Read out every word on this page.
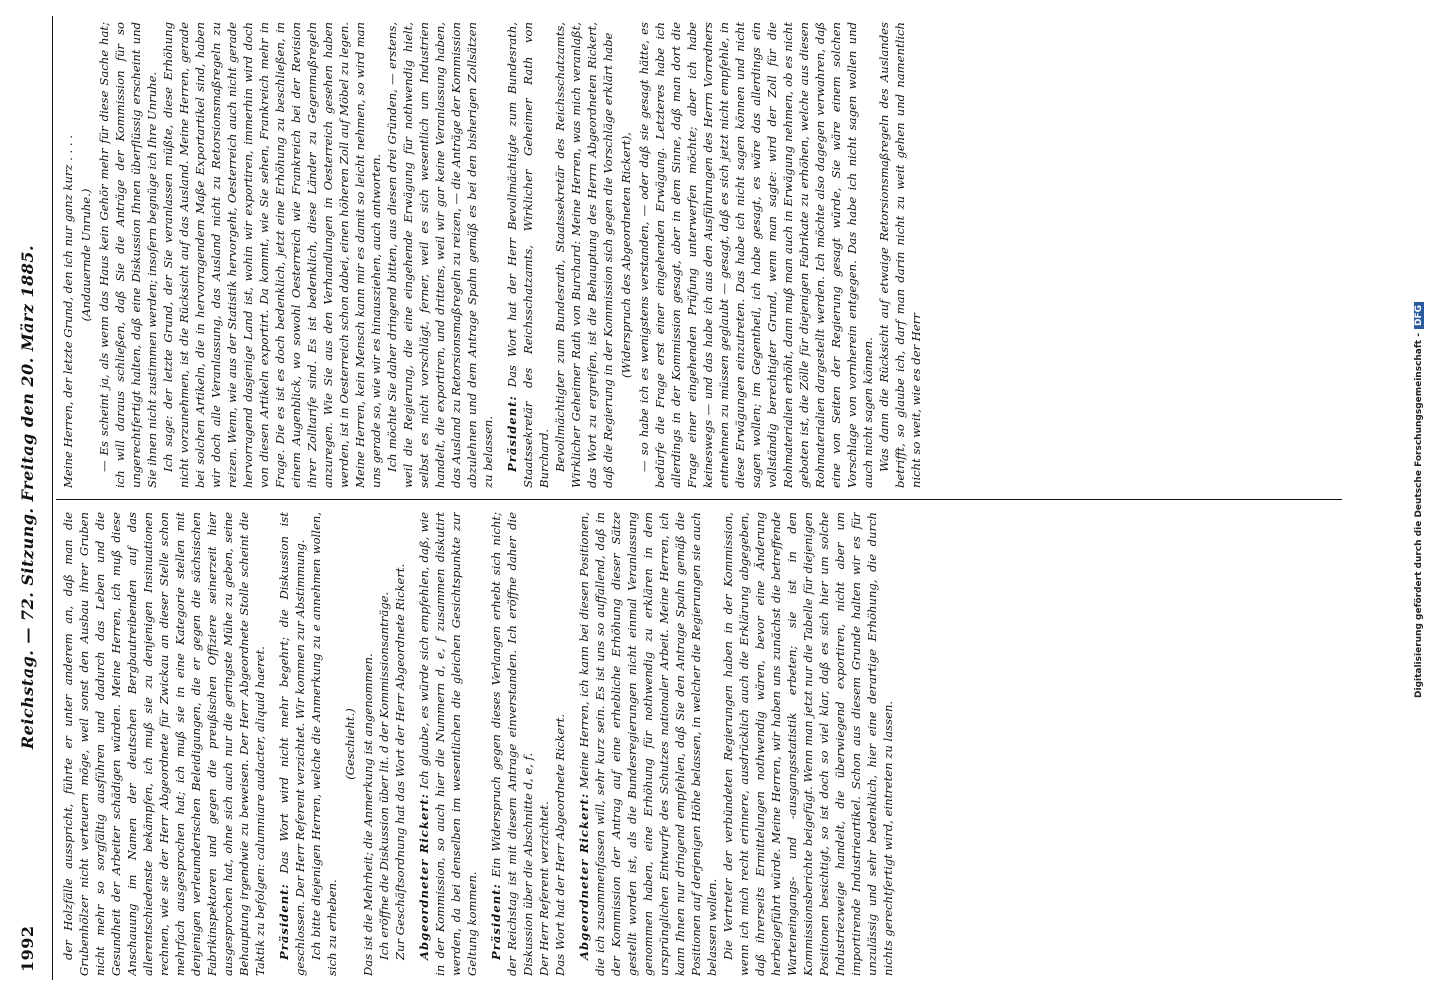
1992
Reichstag. — 72. Sitzung. Freitag den 20. März 1885. der Holzfälle ausspricht, führte er unter anderem an, daß man die Grubenhölzer nicht verteuern möge, weil sonst den Ausbau ihrer Gruben nicht mehr so sorgfältig ausführen und dadurch das Leben und die Gesundheit der Arbeiter schädigen würden. Meine Herren, ich muß diese Anschauung im Namen der deutschen Bergbautreibenden auf das allerentschiedenste bekämpfen, ich muß sie zu denjenigen Insinuationen rechnen, wie sie der Herr Abgeordnete für Zwickau an dieser Stelle schon mehrfach ausgesprochen hat; ich muß sie in eine Kategorie stellen mit denjenigen verleumderischen Beleidigungen, die er gegen die sächsischen Fabrikinspektoren und gegen die preußischen Offiziere seinerzeit hier ausgesprochen hat, ohne sich auch nur die geringste Mühe zu geben, seine Behauptung irgendwie zu beweisen. Der Herr Abgeordnete Stolle scheint die Taktik zu befolgen: calumniare audacter, aliquid haeret. Präsident: Das Wort wird nicht mehr begehrt; die Diskussion ist geschlossen. Der Herr Referent verzichtet. Wir kommen zur Abstimmung. Ich bitte diejenigen Herren, welche die Anmerkung zu e annehmen wollen, sich zu erheben.

(Geschieht.) Das ist die Mehrheit; die Anmerkung ist angenommen. Ich eröffne die Diskussion über lit. d der Kommissionsanträge. Zur Geschäftsordnung hat das Wort der Herr Abgeordnete Rickert. Abgeordneter Rickert: Ich glaube, es würde sich empfehlen, daß, wie in der Kommission, so auch hier die Nummern d, e, f zusammen diskutirt werden, da bei denselben im wesentlichen die gleichen Gesichtspunkte zur Geltung kommen. Präsident: Ein Widerspruch gegen dieses Verlangen erhebt sich nicht; der Reichstag ist mit diesem Antrage einverstanden. Ich eröffne daher die Diskussion über die Abschnitte d, e, f. Der Herr Referent verzichtet. Das Wort hat der Herr Abgeordnete Rickert. Abgeordneter Rickert: Meine Herren, ich kann bei diesen Positionen, die ich zusammenfassen will, sehr kurz sein. Es ist uns so auffallend, daß in der Kommission der Antrag auf eine erhebliche Erhöhung dieser Sätze gestellt worden ist, als die Bundesregierungen nicht einmal Veranlassung genommen haben, eine Erhöhung für nothwendig zu erklären in dem ursprünglichen Entwurfe des Schutzes nationaler Arbeit. Meine Herren, ich kann Ihnen nur dringend empfehlen, daß Sie den Antrage Spahn gemäß die Positionen auf derjenigen Höhe belassen, in welcher die Regierungen sie auch belassen wollen. Die Vertreter der verbündeten Regierungen haben in der Kommission, wenn ich mich recht erinnere, ausdrücklich auch die Erklärung abgegeben, daß ihrerseits Ermittelungen nothwendig wären, bevor eine Änderung herbeigeführt würde. Meine Herren, wir haben uns zunächst die betreffende Warteneingangs- und -ausgangsstatistik erbeten; sie ist in den Kommissionsberichte beigefügt. Wenn man jetzt nur die Tabelle für diejenigen Positionen besichtigt, so ist doch so viel klar, daß es sich hier um solche Industriezweige handelt, die überwiegend exportiren, nicht aber um importirende Industrieartikel. Schon aus diesem Grunde halten wir es für unzulässig und sehr bedenklich, hier eine derartige Erhöhung, die durch nichts gerechtfertigt wird, eintreten zu lassen.

Meine Herren, der letzte Grund, den ich nur ganz kurz . . . . (Andauernde Unruhe.) — Es scheint ja, als wenn das Haus kein Gehör mehr für diese Sache hat; ich will daraus schließen, daß Sie die Anträge der Kommission für so ungerechtfertigt halten, daß eine Diskussion Ihnen überflüssig erscheint und Sie ihnen nicht zustimmen werden; insofern begnüge ich Ihre Unruhe. Ich sage: der letzte Grund, der Sie veranlassen müßte, diese Erhöhung nicht vorzunehmen, ist die Rücksicht auf das Ausland. Meine Herren, gerade bei solchen Artikeln, die in hervorragendem Maße Exportartikel sind, haben wir doch alle Veranlassung, das Ausland nicht zu Retorsionsmaßregeln zu reizen. Wenn, wie aus der Statistik hervorgeht, Oesterreich auch nicht gerade hervorragend dasjenige Land ist, wohin wir exportiren, immerhin wird doch von diesen Artikeln exportirt. Da kommt, wie Sie sehen, Frankreich mehr in Frage. Die es ist es doch bedenklich, jetzt eine Erhöhung zu beschließen, in einem Augenblick, wo sowohl Oesterreich wie Frankreich bei der Revision ihrer Zolltarife sind. Es ist bedenklich, diese Länder zu Gegenmaßregeln anzuregen. Wie Sie aus den Verhandlungen in Oesterreich gesehen haben werden, ist in Oesterreich schon dabei, einen höheren Zoll auf Möbel zu legen. Meine Herren, kein Mensch kann mir es damit so leicht nehmen, so wird man uns gerade so, wie wir es hinausziehen, auch antworten. Ich möchte Sie daher dringend bitten, aus diesen drei Gründen, — erstens, weil die Regierung, die eine eingehende Erwägung für nothwendig hielt, selbst es nicht vorschlägt, ferner, weil es sich wesentlich um Industrien handelt, die exportiren, und drittens, weil wir gar keine Veranlassung haben, das Ausland zu Retorsionsmaßregeln zu reizen, — die Anträge der Kommission abzulehnen und dem Antrage Spahn gemäß es bei den bisherigen Zollsätzen zu belassen. Präsident: Das Wort hat der Herr Bevollmächtigte zum Bundesrath, Staatssekretär des Reichsschatzamts, Wirklicher Geheimer Rath von Burchard. Bevollmächtigter zum Bundesrath, Staatssekretär des Reichsschatzamts, Wirklicher Geheimer Rath von Burchard: Meine Herren, was mich veranlaßt, das Wort zu ergreifen, ist die Behauptung des Herrn Abgeordneten Rickert, daß die Regierung in der Kommission sich gegen die Vorschläge erklärt habe (Widerspruch des Abgeordneten Rickert), — so habe ich es wenigstens verstanden, — oder daß sie gesagt hätte, es bedürfe die Frage erst einer eingehenden Erwägung. Letzteres habe ich allerdings in der Kommission gesagt, aber in dem Sinne, daß man dort die Frage einer eingehenden Prüfung unterwerfen möchte; aber ich habe keineswegs — und das habe ich aus den Ausführungen des Herrn Vorredners entnehmen zu müssen geglaubt — gesagt, daß es sich jetzt nicht empfehle, in diese Erwägungen einzutreten. Das habe ich nicht sagen können und nicht sagen wollen; im Gegentheil, ich habe gesagt, es wäre das allerdings ein vollständig berechtigter Grund, wenn man sagte: wird der Zoll für die Rohmaterialien erhöht, dann muß man auch in Erwägung nehmen, ob es nicht geboten ist, die Zölle für diejenigen Fabrikate zu erhöhen, welche aus diesen Rohmaterialien dargestellt werden. Ich möchte also dagegen verwahren, daß eine von Seiten der Regierung gesagt würde, Sie wäre einem solchen Vorschlage von vornherein entgegen. Das habe ich nicht sagen wollen und auch nicht sagen können. Was dann die Rücksicht auf etwaige Retorsionsmaßregeln des Auslandes betrifft, so glaube ich, darf man darin nicht zu weit gehen und namentlich nicht so weit, wie es der Herr	Digitalisierung gefördert durch die Deutsche Forschungsgemeinschaft -DFG
